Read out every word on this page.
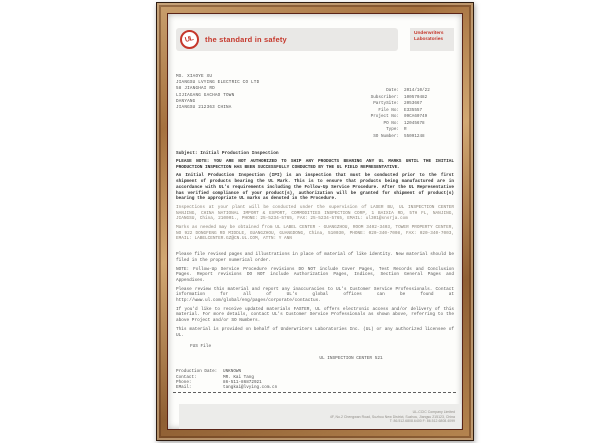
UL the standard in safety
Underwriters
Laboratories
MS. XIAOYE XU
JIANGSU LVYING ELECTRIC CO LTD
58 JIANGHAI RD
LIJIAGANG GACHAO TOWN
DANYANG
JIANGSU 212363 CHINA
Date: 2014/10/22
Subscriber: 100570482
PartySite: 2053667
File No: E335557
Project No: 09CA60749
PO No: 12045678
Type: R
SO Number: 55091248
Subject: Initial Production Inspection

PLEASE NOTE: YOU ARE NOT AUTHORIZED TO SHIP ANY PRODUCTS BEARING ANY UL MARKS UNTIL THE INITIAL PRODUCTION INSPECTION HAS BEEN SUCCESSFULLY CONDUCTED BY THE UL FIELD REPRESENTATIVE.

An Initial Production Inspection (IPI) is an inspection that must be conducted prior to the first shipment of products bearing the UL Mark. This is to ensure that products being manufactured are in accordance with UL's requirements including the Follow-Up Service Procedure. After the UL Representative has verified compliance of your product(s), authorization will be granted for shipment of product(s) bearing the appropriate UL marks as denoted in the Procedure.

Inspections at your plant will be conducted under the supervision of LASER BU, UL INSPECTION CENTER NANJING, CHINA NATIONAL IMPORT & EXPORT, COMMODITIES INSPECTION CORP, 1 BAIXIA RD, 5TH FL, NANJING, JIANGSU, China, 210001., PHONE: 25-5234-5765, FAX: 25-5234-5765, EMAIL: ul301@snsrja.com

Marks as needed may be obtained from UL LABEL CENTER - GUANGZHOU, ROOM 3402-3403, TOWER PROPERTY CENTER, NO 922 DONGFENG RD MIDDLE, GUANGZHOU, GUANGDONG, China, 510030, PHONE: 020-340-7008, FAX: 020-340-7003, EMAIL: LABELCENTER.GZ@CN.UL.COM, ATTN: Y ANN

Please file revised pages and illustrations in place of material of like identity. New material should be filed in the proper numerical order.

NOTE: Follow-Up Service Procedure revisions DO NOT include Cover Pages, Test Records and Conclusion Pages. Report revisions DO NOT include Authorization Pages, Indices, Section General Pages and Appendixes.

Please review this material and report any inaccuracies to UL's Customer Service Professionals. Contact information for all of UL's global offices can be found at http://www.ul.com/global/eng/pages/corporate/contactus.

If you'd like to receive updated materials FASTER, UL offers electronic access and/or delivery of this material. For more details, contact UL's Customer Service Professionals as shown above, referring to the above Project and/or SO Numbers.

This material is provided on behalf of Underwriters Laboratories Inc. (UL) or any authorized licensee of UL.

FUS File
UL INSPECTION CENTER 521
Production Date:	UNKNOWN
Contact:	MR. Kai Tang
Phone:	86-511-86872921
EMail:	tangkai@lvying.com.cn
UL-CCIC Company Limited
4F, No.2 Chengwan Road, Suzhou New District, Suzhou, Jiangsu 215123, China
T: 86.512.6808.6400 F: 86.512.6808.4099
